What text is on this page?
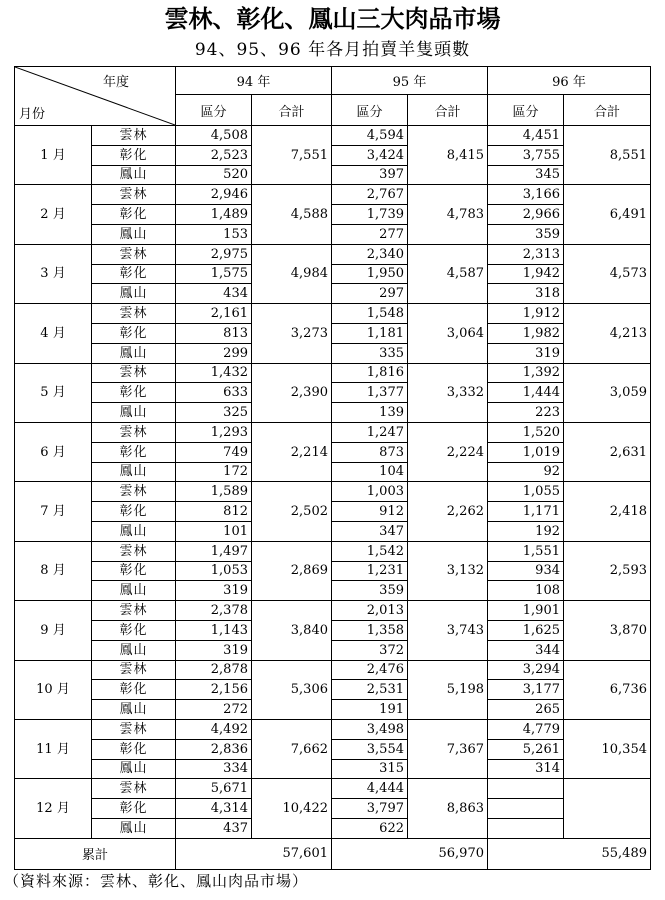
雲林、彰化、鳳山三大肉品市場
94、95、96 年各月拍賣羊隻頭數
年度
月份		94 年		95 年		96 年	
		區分	合計	區分	合計	區分	合計
1 月	雲林	4,508	7,551	4,594	8,415	4,451	8,551
	彰化	2,523		3,424		3,755	
	鳳山	520		397		345	
2 月	雲林	2,946	4,588	2,767	4,783	3,166	6,491
	彰化	1,489		1,739		2,966	
	鳳山	153		277		359	
3 月	雲林	2,975	4,984	2,340	4,587	2,313	4,573
	彰化	1,575		1,950		1,942	
	鳳山	434		297		318	
4 月	雲林	2,161	3,273	1,548	3,064	1,912	4,213
	彰化	813		1,181		1,982	
	鳳山	299		335		319	
5 月	雲林	1,432	2,390	1,816	3,332	1,392	3,059
	彰化	633		1,377		1,444	
	鳳山	325		139		223	
6 月	雲林	1,293	2,214	1,247	2,224	1,520	2,631
	彰化	749		873		1,019	
	鳳山	172		104		92	
7 月	雲林	1,589	2,502	1,003	2,262	1,055	2,418
	彰化	812		912		1,171	
	鳳山	101		347		192	
8 月	雲林	1,497	2,869	1,542	3,132	1,551	2,593
	彰化	1,053		1,231		934	
	鳳山	319		359		108	
9 月	雲林	2,378	3,840	2,013	3,743	1,901	3,870
	彰化	1,143		1,358		1,625	
	鳳山	319		372		344	
10 月	雲林	2,878	5,306	2,476	5,198	3,294	6,736
	彰化	2,156		2,531		3,177	
	鳳山	272		191		265	
11 月	雲林	4,492	7,662	3,498	7,367	4,779	10,354
	彰化	2,836		3,554		5,261	
	鳳山	334		315		314	
12 月	雲林	5,671	10,422	4,444	8,863		
	彰化	4,314		3,797			
	鳳山	437		622			
累計		57,601		56,970		55,489	
（資料來源：雲林、彰化、鳳山肉品市場）
